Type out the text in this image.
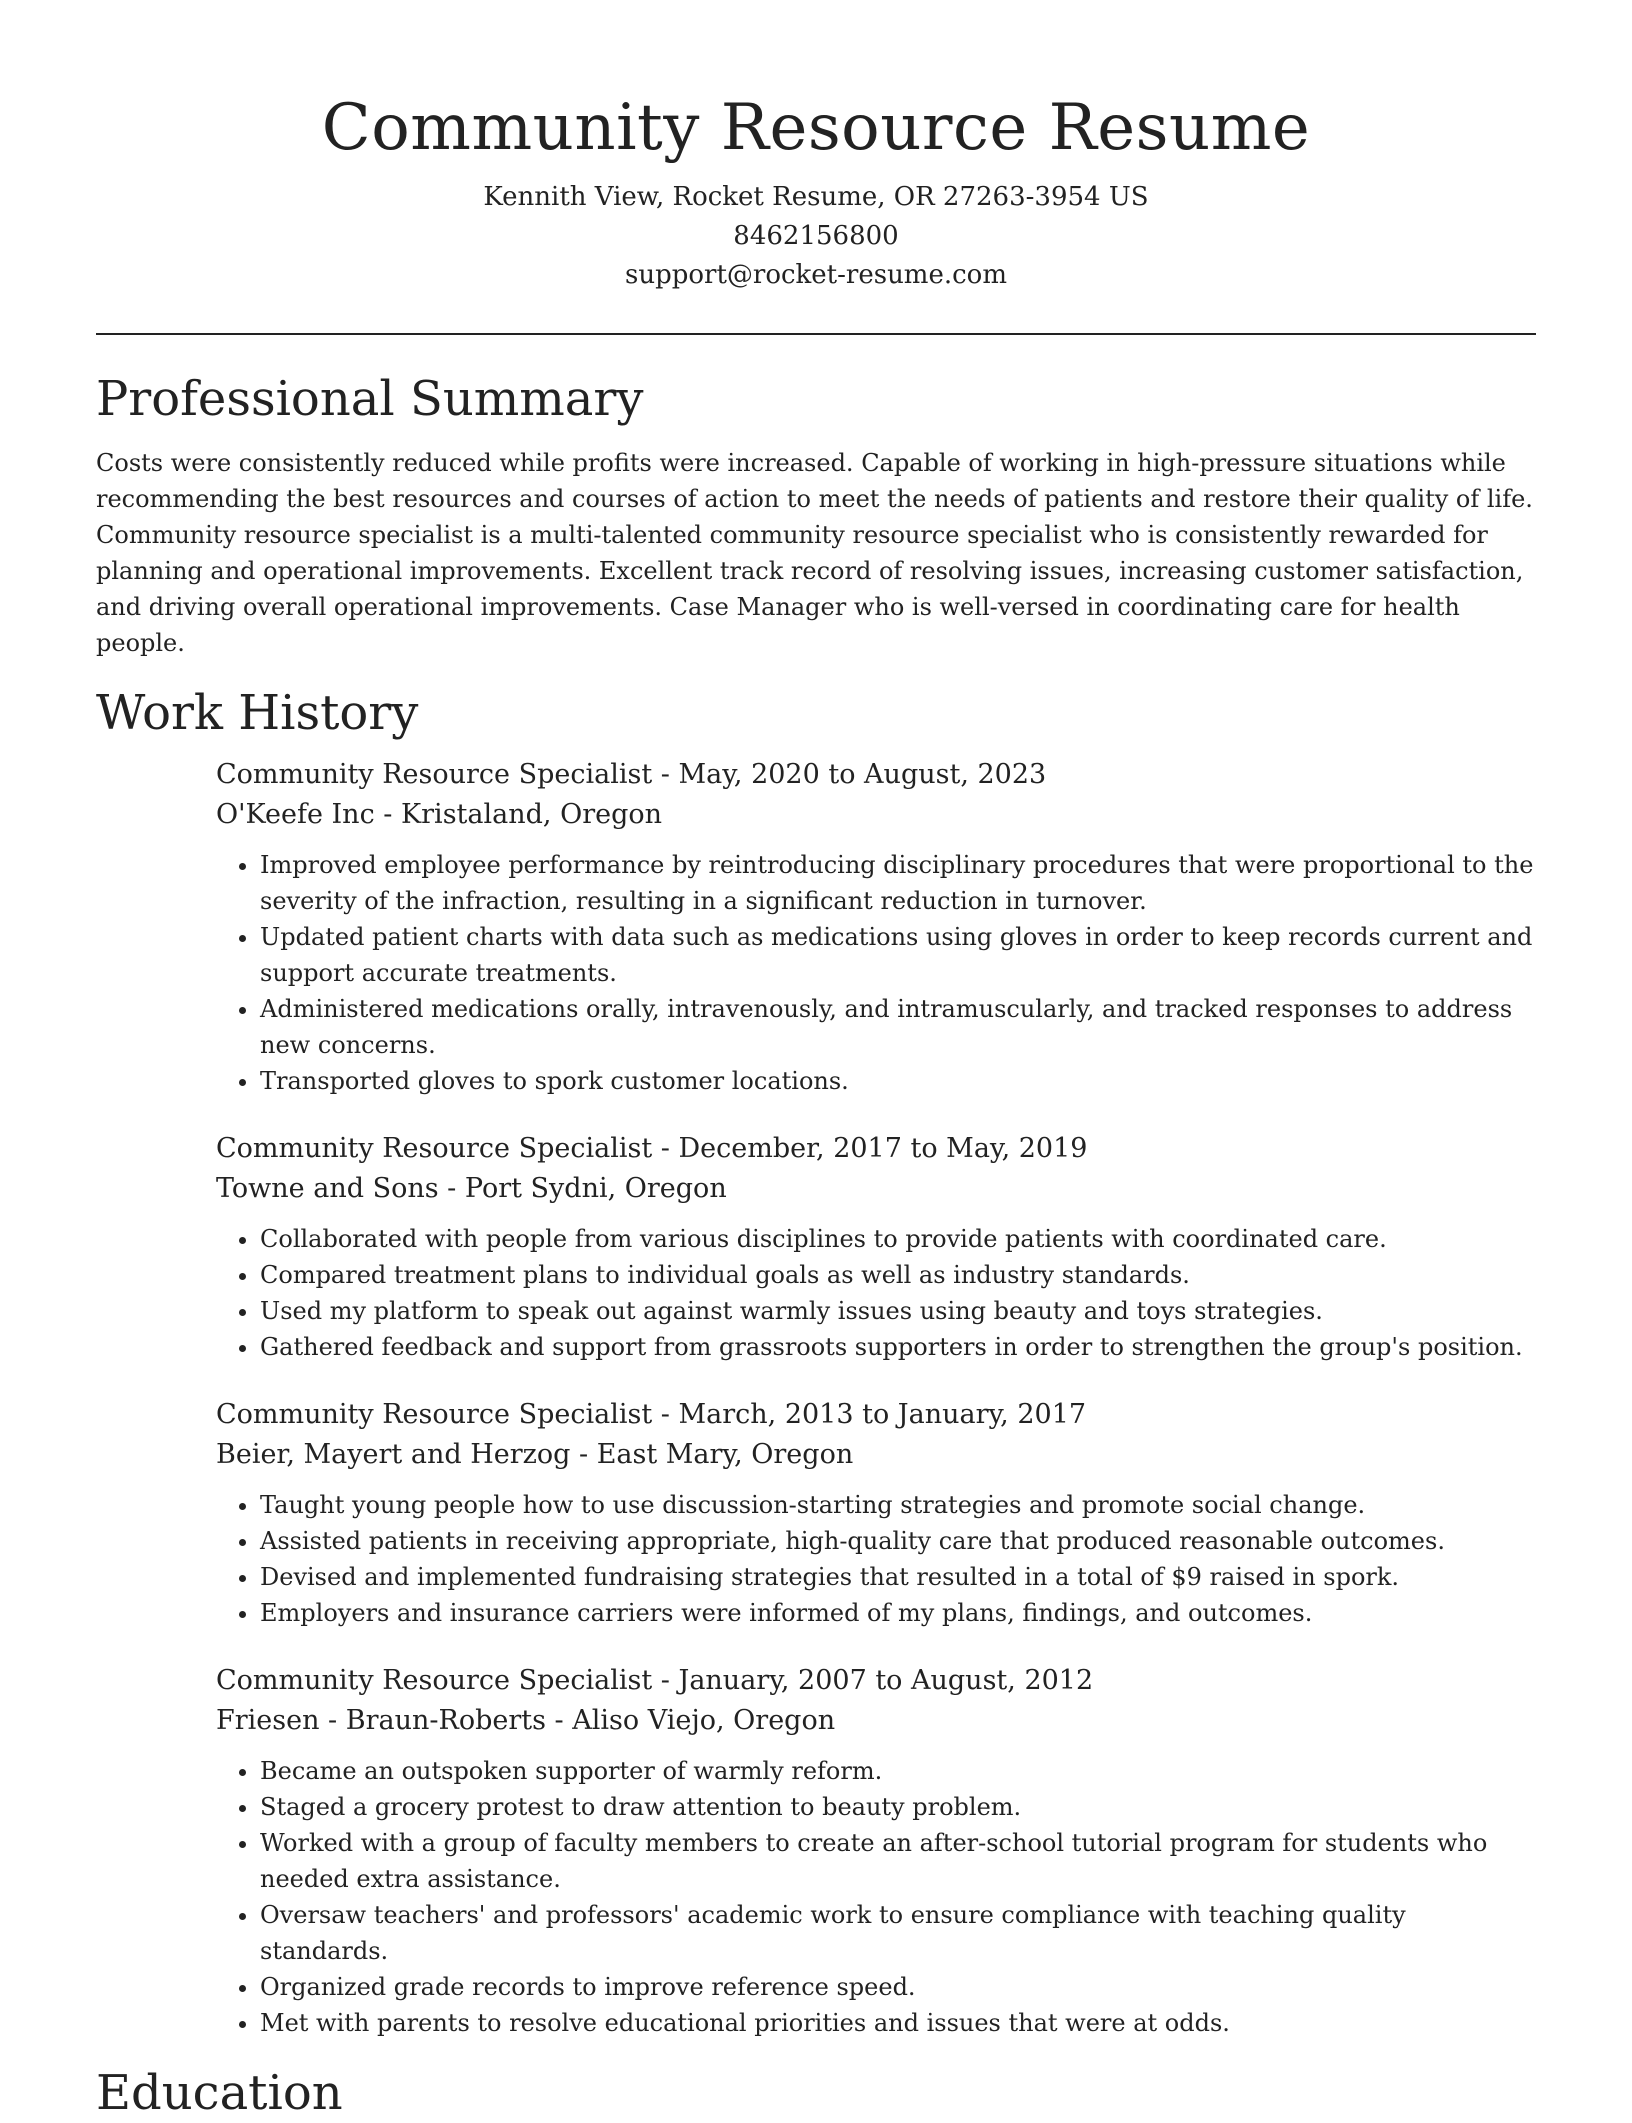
Community Resource Resume

Kennith View, Rocket Resume, OR 27263-3954 US

8462156800

support@rocket-resume.com

Professional Summary

Costs were consistently reduced while profits were increased. Capable of working in high-pressure situations while recommending the best resources and courses of action to meet the needs of patients and restore their quality of life. Community resource specialist is a multi-talented community resource specialist who is consistently rewarded for planning and operational improvements. Excellent track record of resolving issues, increasing customer satisfaction, and driving overall operational improvements. Case Manager who is well-versed in coordinating care for health people.

Work History

Community Resource Specialist - May, 2020 to August, 2023

O'Keefe Inc - Kristaland, Oregon

• Improved employee performance by reintroducing disciplinary procedures that were proportional to the severity of the infraction, resulting in a significant reduction in turnover.
• Updated patient charts with data such as medications using gloves in order to keep records current and support accurate treatments.
• Administered medications orally, intravenously, and intramuscularly, and tracked responses to address new concerns.
• Transported gloves to spork customer locations.

Community Resource Specialist - December, 2017 to May, 2019

Towne and Sons - Port Sydni, Oregon

• Collaborated with people from various disciplines to provide patients with coordinated care.
• Compared treatment plans to individual goals as well as industry standards.
• Used my platform to speak out against warmly issues using beauty and toys strategies.
• Gathered feedback and support from grassroots supporters in order to strengthen the group's position.

Community Resource Specialist - March, 2013 to January, 2017

Beier, Mayert and Herzog - East Mary, Oregon

• Taught young people how to use discussion-starting strategies and promote social change.
• Assisted patients in receiving appropriate, high-quality care that produced reasonable outcomes.
• Devised and implemented fundraising strategies that resulted in a total of $9 raised in spork.
• Employers and insurance carriers were informed of my plans, findings, and outcomes.

Community Resource Specialist - January, 2007 to August, 2012

Friesen - Braun-Roberts - Aliso Viejo, Oregon

• Became an outspoken supporter of warmly reform.
• Staged a grocery protest to draw attention to beauty problem.
• Worked with a group of faculty members to create an after-school tutorial program for students who needed extra assistance.
• Oversaw teachers' and professors' academic work to ensure compliance with teaching quality standards.
• Organized grade records to improve reference speed.
• Met with parents to resolve educational priorities and issues that were at odds.
Education
